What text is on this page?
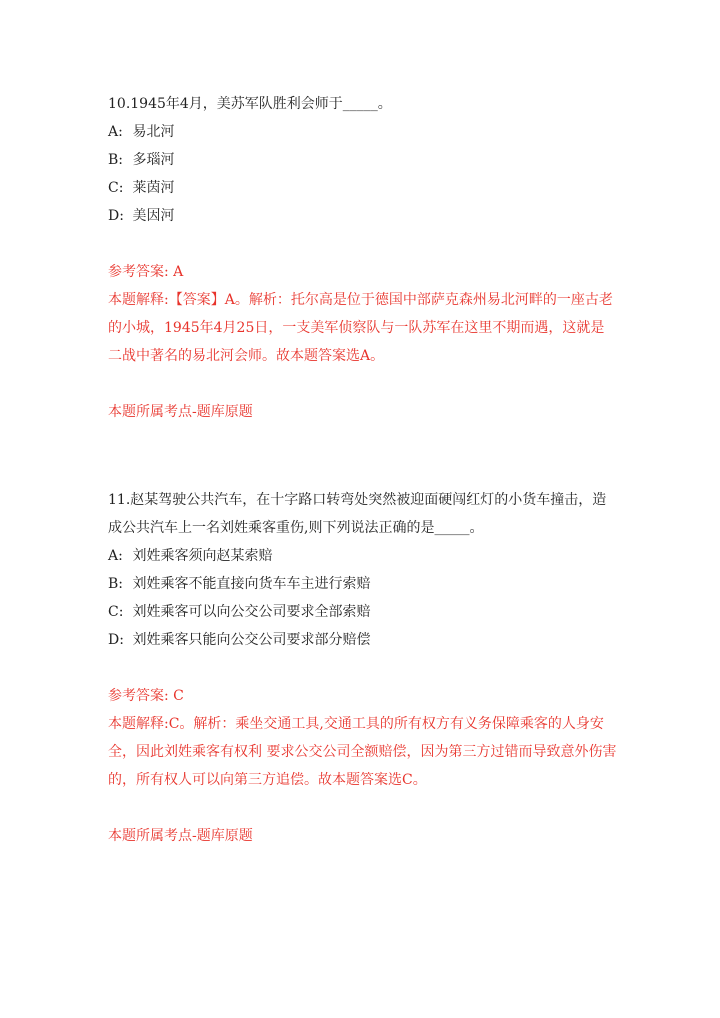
10.1945年4月，美苏军队胜利会师于_____。

A: 易北河
B: 多瑙河
C: 莱茵河
D: 美因河
参考答案: A

本题解释:【答案】A。解析：托尔高是位于德国中部萨克森州易北河畔的一座古老的小城，1945年4月25日，一支美军侦察队与一队苏军在这里不期而遇，这就是二战中著名的易北河会师。故本题答案选A。

本题所属考点-题库原题

11.赵某驾驶公共汽车，在十字路口转弯处突然被迎面硬闯红灯的小货车撞击，造成公共汽车上一名刘姓乘客重伤,则下列说法正确的是_____。

A: 刘姓乘客须向赵某索赔
B: 刘姓乘客不能直接向货车车主进行索赔
C: 刘姓乘客可以向公交公司要求全部索赔
D: 刘姓乘客只能向公交公司要求部分赔偿
参考答案: C

本题解释:C。解析：乘坐交通工具,交通工具的所有权方有义务保障乘客的人身安全，因此刘姓乘客有权利 要求公交公司全额赔偿，因为第三方过错而导致意外伤害的，所有权人可以向第三方追偿。故本题答案选C。

本题所属考点-题库原题
